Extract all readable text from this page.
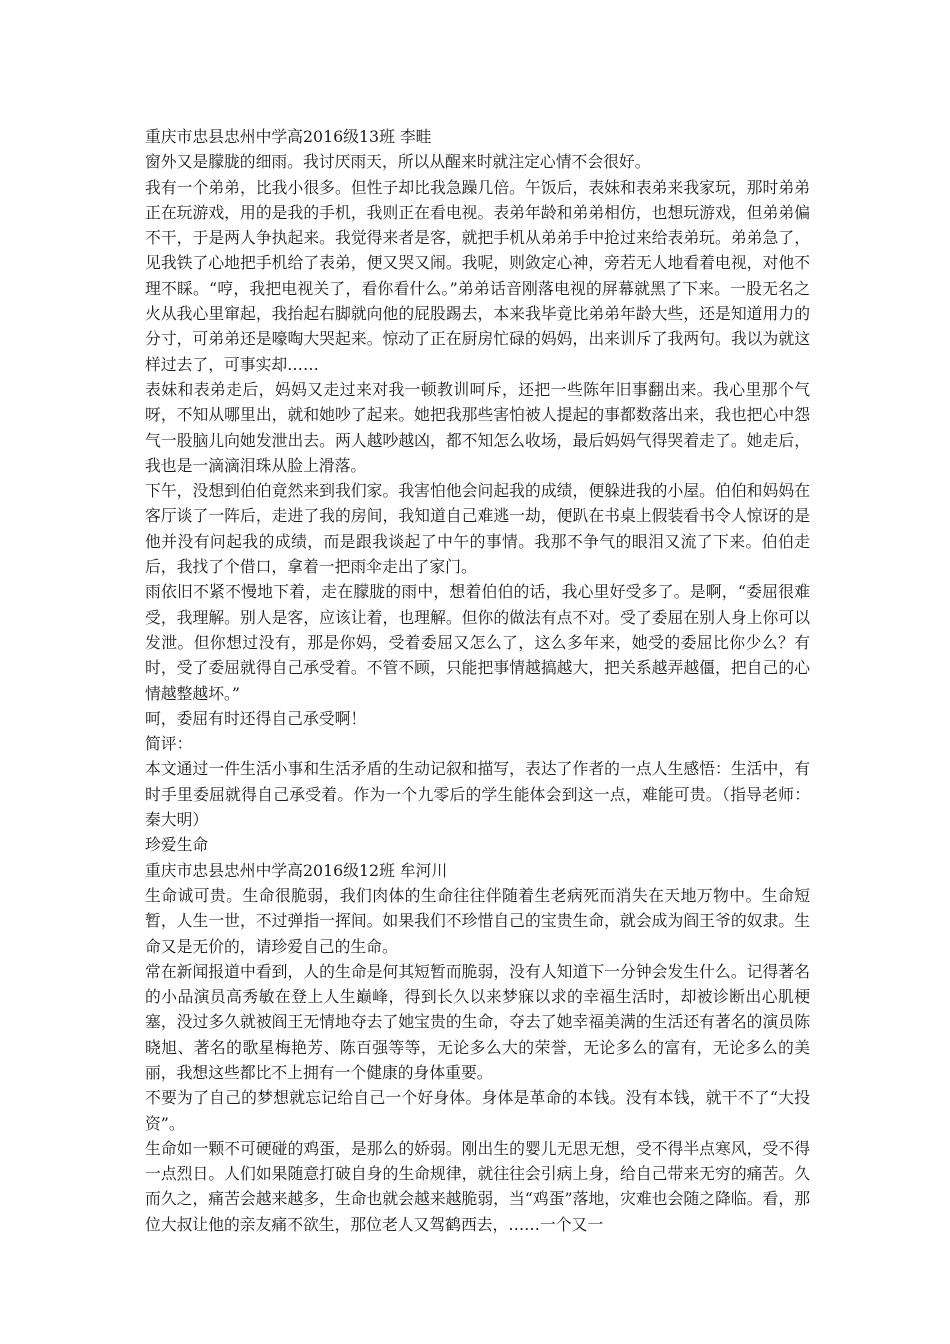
重庆市忠县忠州中学高2016级13班 李畦

窗外又是朦胧的细雨。我讨厌雨天，所以从醒来时就注定心情不会很好。

我有一个弟弟，比我小很多。但性子却比我急躁几倍。午饭后，表妹和表弟来我家玩，那时弟弟正在玩游戏，用的是我的手机，我则正在看电视。表弟年龄和弟弟相仿，也想玩游戏，但弟弟偏不干，于是两人争执起来。我觉得来者是客，就把手机从弟弟手中抢过来给表弟玩。弟弟急了，见我铁了心地把手机给了表弟，便又哭又闹。我呢，则敛定心神，旁若无人地看着电视，对他不理不睬。“哼，我把电视关了，看你看什么。”弟弟话音刚落电视的屏幕就黑了下来。一股无名之火从我心里窜起，我抬起右脚就向他的屁股踢去，本来我毕竟比弟弟年龄大些，还是知道用力的分寸，可弟弟还是嚎啕大哭起来。惊动了正在厨房忙碌的妈妈，出来训斥了我两句。我以为就这样过去了，可事实却……

表妹和表弟走后，妈妈又走过来对我一顿教训呵斥，还把一些陈年旧事翻出来。我心里那个气呀，不知从哪里出，就和她吵了起来。她把我那些害怕被人提起的事都数落出来，我也把心中怨气一股脑儿向她发泄出去。两人越吵越凶，都不知怎么收场，最后妈妈气得哭着走了。她走后，我也是一滴滴泪珠从脸上滑落。

下午，没想到伯伯竟然来到我们家。我害怕他会问起我的成绩，便躲进我的小屋。伯伯和妈妈在客厅谈了一阵后，走进了我的房间，我知道自己难逃一劫，便趴在书桌上假装看书令人惊讶的是他并没有问起我的成绩，而是跟我谈起了中午的事情。我那不争气的眼泪又流了下来。伯伯走后，我找了个借口，拿着一把雨伞走出了家门。

雨依旧不紧不慢地下着，走在朦胧的雨中，想着伯伯的话，我心里好受多了。是啊，“委屈很难受，我理解。别人是客，应该让着，也理解。但你的做法有点不对。受了委屈在别人身上你可以发泄。但你想过没有，那是你妈，受着委屈又怎么了，这么多年来，她受的委屈比你少么？有时，受了委屈就得自己承受着。不管不顾，只能把事情越搞越大，把关系越弄越僵，把自己的心情越整越坏。”

呵，委屈有时还得自己承受啊！

简评：

本文通过一件生活小事和生活矛盾的生动记叙和描写，表达了作者的一点人生感悟：生活中，有时手里委屈就得自己承受着。作为一个九零后的学生能体会到这一点，难能可贵。（指导老师：秦大明）

珍爱生命

重庆市忠县忠州中学高2016级12班 牟河川

生命诚可贵。生命很脆弱，我们肉体的生命往往伴随着生老病死而消失在天地万物中。生命短暂，人生一世，不过弹指一挥间。如果我们不珍惜自己的宝贵生命，就会成为阎王爷的奴隶。生命又是无价的，请珍爱自己的生命。

常在新闻报道中看到，人的生命是何其短暂而脆弱，没有人知道下一分钟会发生什么。记得著名的小品演员高秀敏在登上人生巅峰，得到长久以来梦寐以求的幸福生活时，却被诊断出心肌梗塞，没过多久就被阎王无情地夺去了她宝贵的生命，夺去了她幸福美满的生活还有著名的演员陈晓旭、著名的歌星梅艳芳、陈百强等等，无论多么大的荣誉，无论多么的富有，无论多么的美丽，我想这些都比不上拥有一个健康的身体重要。

不要为了自己的梦想就忘记给自己一个好身体。身体是革命的本钱。没有本钱，就干不了“大投资”。

生命如一颗不可硬碰的鸡蛋，是那么的娇弱。刚出生的婴儿无思无想，受不得半点寒风，受不得一点烈日。人们如果随意打破自身的生命规律，就往往会引病上身，给自己带来无穷的痛苦。久而久之，痛苦会越来越多，生命也就会越来越脆弱，当“鸡蛋”落地，灾难也会随之降临。看，那位大叔让他的亲友痛不欲生，那位老人又驾鹤西去，……一个又一
